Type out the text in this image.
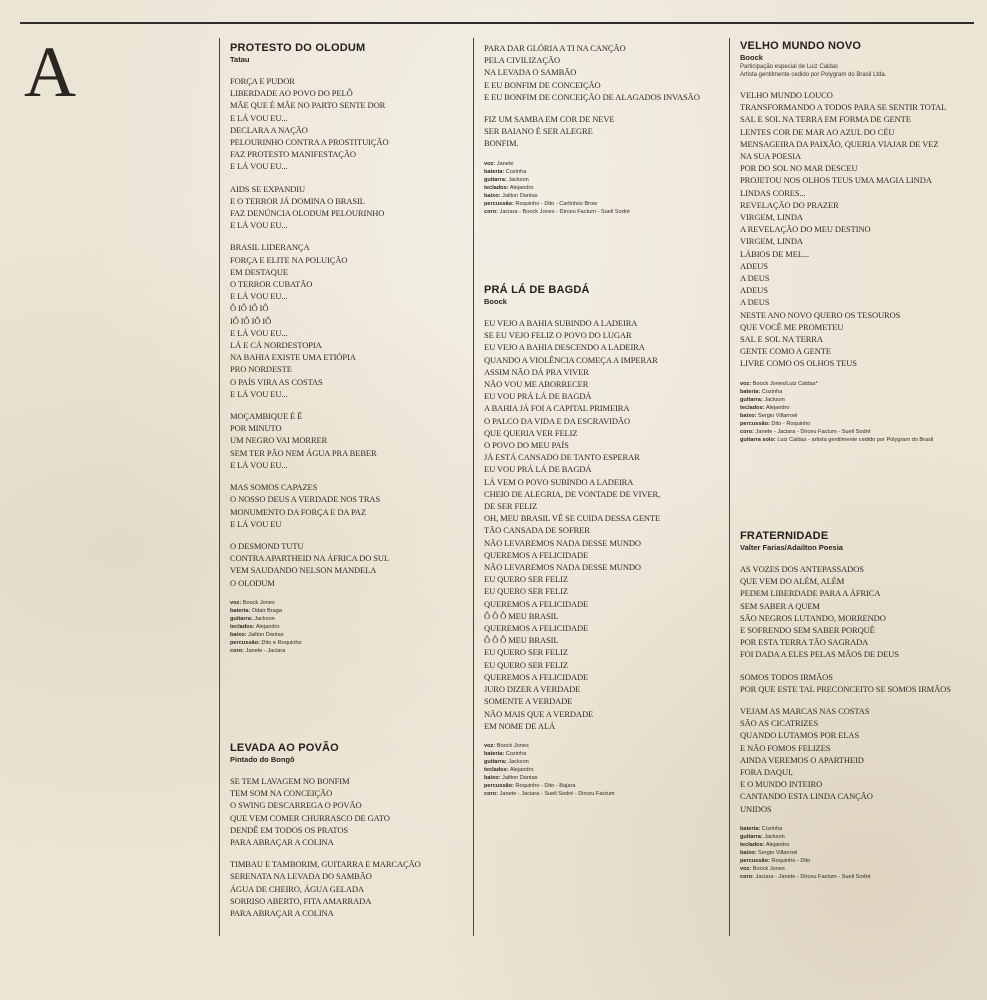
A	PROTESTO DO OLODUM
Tatau
FORÇA E PUDOR
LIBERDADE AO POVO DO PELÔ
MÃE QUE É MÃE NO PARTO SENTE DOR
E LÁ VOU EU...
DECLARA A NAÇÃO
PELOURINHO CONTRA A PROSTITUIÇÃO
FAZ PROTESTO MANIFESTAÇÃO
E LÁ VOU EU...
AIDS SE EXPANDIU
E O TERROR JÁ DOMINA O BRASIL
FAZ DENÚNCIA OLODUM PELOURINHO
E LÁ VOU EU...
BRASIL LIDERANÇA
FORÇA E ELITE NA POLUIÇÃO
EM DESTAQUE
O TERROR CUBATÃO
E LÁ VOU EU...
Ô IÔ IÔ IÔ
IÔ IÔ IÔ IÔ
E LÁ VOU EU...
LÁ E CÁ NORDESTOPIA
NA BAHIA EXISTE UMA ETIÓPIA
PRO NORDESTE
O PAÍS VIRA AS COSTAS
E LÁ VOU EU...
MOÇAMBIQUE É Ê
POR MINUTO
UM NEGRO VAI MORRER
SEM TER PÃO NEM ÁGUA PRA BEBER
E LÁ VOU EU...
MAS SOMOS CAPAZES
O NOSSO DEUS A VERDADE NOS TRAS
MONUMENTO DA FORÇA E DA PAZ
E LÁ VOU EU
O DESMOND TUTU
CONTRA APARTHEID NA ÁFRICA DO SUL
VEM SAUDANDO NELSON MANDELA
O OLODUM
voz: Boock Jones
bateria: Odair Braga
guitarra: Jackson
teclados: Alejandro
baixo: Jailton Dantas
percussão: Dito e Roquinho
coro: Janete - Jaciara
LEVADA AO POVÃO
Pintado do Bongô
SE TEM LAVAGEM NO BONFIM
TEM SOM NA CONCEIÇÃO
O SWING DESCARREGA O POVÃO
QUE VEM COMER CHURRASCO DE GATO
DENDÊ EM TODOS OS PRATOS
PARA ABRAÇAR A COLINA
TIMBAU E TAMBORIM, GUITARRA E MARCAÇÃO
SERENATA NA LEVADA DO SAMBÃO
ÁGUA DE CHEIRO, ÁGUA GELADA
SORRISO ABERTO, FITA AMARRADA
PARA ABRAÇAR A COLINA
PARA DAR GLÓRIA A TI NA CANÇÃO
PELA CIVILIZAÇÃO
NA LEVADA O SAMBÃO
E EU BONFIM DE CONCEIÇÃO
E EU BONFIM DE CONCEIÇÃO DE ALAGADOS INVASÃO
FIZ UM SAMBA EM COR DE NEVE
SER BAIANO É SER ALEGRE
BONFIM.
voz: Janete
bateria: Cozinha
guitarra: Jackson
teclados: Alejandro
baixo: Jailton Dantas
percussão: Roquinho - Dito - Carlinhos Brow
coro: Jaciara - Boock Jones - Dirceu Factum - Sueli Sodré
PRÁ LÁ DE BAGDÁ
Boock
EU VEJO A BAHIA SUBINDO A LADEIRA
SE EU VEJO FELIZ O POVO DO LUGAR
EU VEJO A BAHIA DESCENDO A LADEIRA
QUANDO A VIOLÊNCIA COMEÇA A IMPERAR
ASSIM NÃO DÁ PRA VIVER
NÃO VOU ME ABORRECER
EU VOU PRÁ LÁ DE BAGDÁ
A BAHIA JÁ FOI A CAPITAL PRIMEIRA
O PALCO DA VIDA E DA ESCRAVIDÃO
QUE QUERIA VER FELIZ
O POVO DO MEU PAÍS
JÁ ESTÁ CANSADO DE TANTO ESPERAR
EU VOU PRÁ LÁ DE BAGDÁ
LÁ VEM O POVO SUBINDO A LADEIRA
CHEIO DE ALEGRIA, DE VONTADE DE VIVER,
DE SER FELIZ
OH, MEU BRASIL VÊ SE CUIDA DESSA GENTE
TÃO CANSADA DE SOFRER
NÃO LEVAREMOS NADA DESSE MUNDO
QUEREMOS A FELICIDADE
NÃO LEVAREMOS NADA DESSE MUNDO
EU QUERO SER FELIZ
EU QUERO SER FELIZ
QUEREMOS A FELICIDADE
Ô Ô Ô MEU BRASIL
QUEREMOS A FELICIDADE
Ô Ô Ô MEU BRASIL
EU QUERO SER FELIZ
EU QUERO SER FELIZ
QUEREMOS A FELICIDADE
JURO DIZER A VERDADE
SOMENTE A VERDADE
NÃO MAIS QUE A VERDADE
EM NOME DE ALÁ
voz: Boock Jones
bateria: Cozinha
guitarra: Jackson
teclados: Alejandro
baixo: Jailton Dantas
percussão: Roquinho - Dito - Bajara
coro: Janete - Jaciara - Sueli Sodré - Dirceu Factum
VELHO MUNDO NOVO
Boock
Participação especial de Luiz Caldas
Artista gentilmente cedido por Polygram do Brasil Ltda.
VELHO MUNDO LOUCO
TRANSFORMANDO A TODOS PARA SE SENTIR TOTAL
SAL E SOL NA TERRA EM FORMA DE GENTE
LENTES COR DE MAR AO AZUL DO CÉU
MENSAGEIRA DA PAIXÃO, QUERIA VIAJAR DE VEZ
NA SUA POESIA
POR DO SOL NO MAR DESCEU
PROJETOU NOS OLHOS TEUS UMA MAGIA LINDA
LINDAS CORES...
REVELAÇÃO DO PRAZER
VIRGEM, LINDA
A REVELAÇÃO DO MEU DESTINO
VIRGEM, LINDA
LÁBIOS DE MEL...
ADEUS
A DEUS
ADEUS
A DEUS
NESTE ANO NOVO QUERO OS TESOUROS
QUE VOCÊ ME PROMETEU
SAL E SOL NA TERRA
GENTE COMO A GENTE
LIVRE COMO OS OLHOS TEUS
voz: Boock Jones/Luiz Caldas*
bateria: Cozinha
guitarra: Jackson
teclados: Alejandro
baixo: Sergio Villarroel
percussão: Dito - Roquinho
coro: Janete - Jaciara - Dirceu Factum - Sueli Sodré
guitarra solo: Luiz Caldas - artista gentilmente cedido por Polygram do Brasil
FRATERNIDADE
Valter Farias/Adailton Poesia
AS VOZES DOS ANTEPASSADOS
QUE VEM DO ALÉM, ALÉM
PEDEM LIBERDADE PARA A ÁFRICA
SEM SABER A QUEM
SÃO NEGROS LUTANDO, MORRENDO
E SOFRENDO SEM SABER PORQUÊ
POR ESTA TERRA TÃO SAGRADA
FOI DADA A ELES PELAS MÃOS DE DEUS
SOMOS TODOS IRMÃOS
POR QUE ESTE TAL PRECONCEITO SE SOMOS IRMÃOS
VEJAM AS MARCAS NAS COSTAS
SÃO AS CICATRIZES
QUANDO LUTAMOS POR ELAS
E NÃO FOMOS FELIZES
AINDA VEREMOS O APARTHEID
FORA DAQUI,
E O MUNDO INTEIRO
CANTANDO ESTA LINDA CANÇÃO
UNIDOS
bateria: Cozinha
guitarra: Jackson
teclados: Alejandro
baixo: Sergio Villarroel
percussão: Roquinho - Dito
voz: Boock Jones
coro: Jaciara - Janete - Dirceu Factum - Sueli Sodré
